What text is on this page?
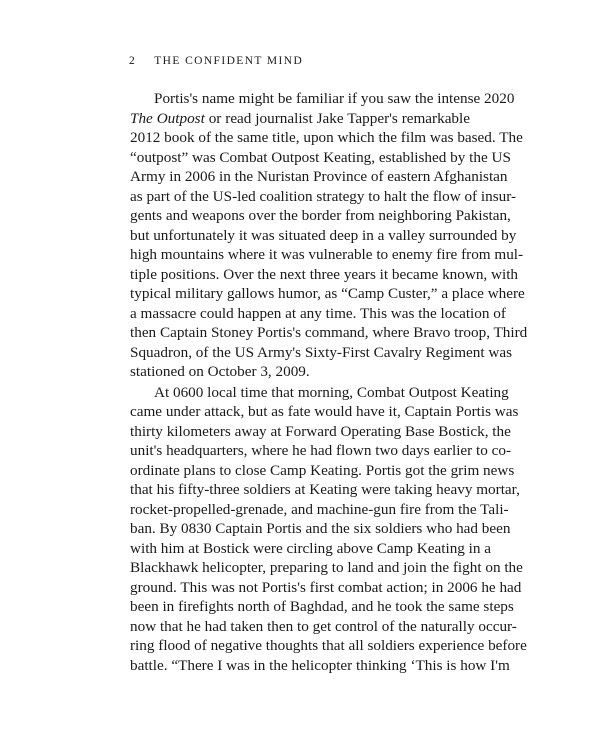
2 THE CONFIDENT MIND
Portis's name might be familiar if you saw the intense 2020
The Outpost or read journalist Jake Tapper's remarkable
2012 book of the same title, upon which the film was based. The
“outpost” was Combat Outpost Keating, established by the US
Army in 2006 in the Nuristan Province of eastern Afghanistan
as part of the US-led coalition strategy to halt the flow of insur-
gents and weapons over the border from neighboring Pakistan,
but unfortunately it was situated deep in a valley surrounded by
high mountains where it was vulnerable to enemy fire from mul-
tiple positions. Over the next three years it became known, with
typical military gallows humor, as “Camp Custer,” a place where
a massacre could happen at any time. This was the location of
then Captain Stoney Portis's command, where Bravo troop, Third
Squadron, of the US Army's Sixty-First Cavalry Regiment was
stationed on October 3, 2009.
At 0600 local time that morning, Combat Outpost Keating
came under attack, but as fate would have it, Captain Portis was
thirty kilometers away at Forward Operating Base Bostick, the
unit's headquarters, where he had flown two days earlier to co-
ordinate plans to close Camp Keating. Portis got the grim news
that his fifty-three soldiers at Keating were taking heavy mortar,
rocket-propelled-grenade, and machine-gun fire from the Tali-
ban. By 0830 Captain Portis and the six soldiers who had been
with him at Bostick were circling above Camp Keating in a
Blackhawk helicopter, preparing to land and join the fight on the
ground. This was not Portis's first combat action; in 2006 he had
been in firefights north of Baghdad, and he took the same steps
now that he had taken then to get control of the naturally occur-
ring flood of negative thoughts that all soldiers experience before
battle. “There I was in the helicopter thinking ‘This is how I'm
